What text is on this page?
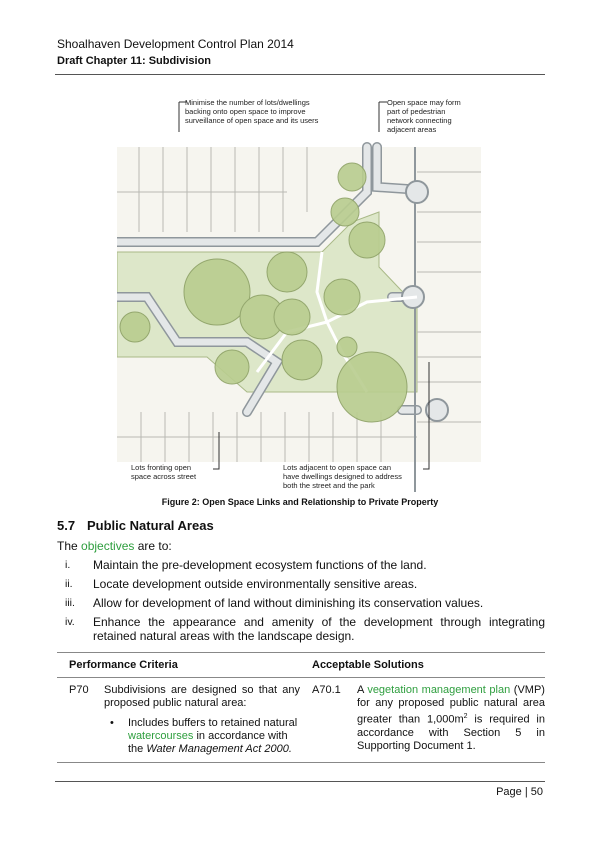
Shoalhaven Development Control Plan 2014
Draft Chapter 11: Subdivision
Minimise the number of lots/dwellings backing onto open space to improve surveillance of open space and its users
Open space may form part of pedestrian network connecting adjacent areas
Lots fronting open space across street
Lots adjacent to open space can have dwellings designed to address both the street and the park
Figure 2: Open Space Links and Relationship to Private Property
5.7 Public Natural Areas
The objectives are to:
i. Maintain the pre-development ecosystem functions of the land.
ii. Locate development outside environmentally sensitive areas.
iii. Allow for development of land without diminishing its conservation values.
iv. Enhance the appearance and amenity of the development through integrating retained natural areas with the landscape design.
Performance Criteria	Acceptable Solutions
P70 Subdivisions are designed so that any proposed public natural area:
• Includes buffers to retained natural watercourses in accordance with the Water Management Act 2000.
A70.1 A vegetation management plan (VMP) for any proposed public natural area greater than $1,000m^2$ is required in accordance with Section 5 in Supporting Document 1.
Page | 50
